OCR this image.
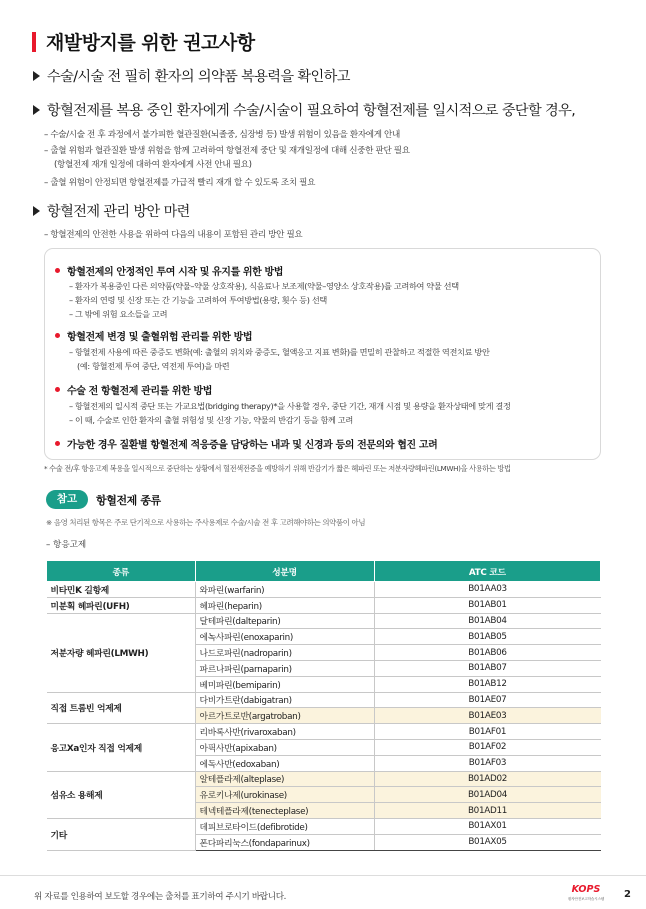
재발방지를 위한 권고사항
수술/시술 전 필히 환자의 의약품 복용력을 확인하고
항혈전제를 복용 중인 환자에게 수술/시술이 필요하여 항혈전제를 일시적으로 중단할 경우,
– 수술/시술 전 후 과정에서 불가피한 혈관질환(뇌졸중, 심장병 등) 발생 위험이 있음을 환자에게 안내
– 출혈 위험과 혈관질환 발생 위험을 함께 고려하여 항혈전제 중단 및 재개일정에 대해 신중한 판단 필요
(항혈전제 재개 일정에 대하여 환자에게 사전 안내 필요)
– 출혈 위험이 안정되면 항혈전제를 가급적 빨리 재개 할 수 있도록 조치 필요
항혈전제 관리 방안 마련
– 항혈전제의 안전한 사용을 위하여 다음의 내용이 포함된 관리 방안 필요
항혈전제의 안정적인 투여 시작 및 유지를 위한 방법
– 환자가 복용중인 다른 의약품(약물–약물 상호작용), 식음료나 보조제(약물–영양소 상호작용)를 고려하여 약물 선택
– 환자의 연령 및 신장 또는 간 기능을 고려하여 투여방법(용량, 횟수 등) 선택
– 그 밖에 위험 요소들을 고려
항혈전제 변경 및 출혈위험 관리를 위한 방법
– 항혈전제 사용에 따른 중증도 변화(예: 출혈의 위치와 중증도, 혈액응고 지표 변화)를 면밀히 관찰하고 적절한 역전치료 방안
(예: 항혈전제 투여 중단, 역전제 투여)을 마련
수술 전 항혈전제 관리를 위한 방법
– 항혈전제의 일시적 중단 또는 가교요법(bridging therapy)*을 사용할 경우, 중단 기간, 재개 시점 및 용량을 환자상태에 맞게 결정
– 이 때, 수술로 인한 환자의 출혈 위험성 및 신장 기능, 약물의 반감기 등을 함께 고려
가능한 경우 질환별 항혈전제 적응증을 담당하는 내과 및 신경과 등의 전문의와 협진 고려
* 수술 전/후 항응고제 복용을 일시적으로 중단하는 상황에서 혈전색전증을 예방하기 위해 반감기가 짧은 헤파린 또는 저분자량헤파린(LMWH)을 사용하는 방법
참고	항혈전제 종류
※ 음영 처리된 항목은 주로 단기적으로 사용하는 주사용제로 수술/시술 전 후 고려해야하는 의약품이 아님
– 항응고제
종류	성분명	ATC 코드
비타민K 길항제	와파린(warfarin)	B01AA03
미분획 헤파린(UFH)	헤파린(heparin)	B01AB01
저분자량 헤파린(LMWH)	달테파린(dalteparin)	B01AB04
	에녹사파린(enoxaparin)	B01AB05
	나드로파린(nadroparin)	B01AB06
	파르나파린(parnaparin)	B01AB07
	베미파린(bemiparin)	B01AB12
직접 트롬빈 억제제	다비가트란(dabigatran)	B01AE07
	아르가트로반(argatroban)	B01AE03
응고Xa인자 직접 억제제	리바록사반(rivaroxaban)	B01AF01
	아픽사반(apixaban)	B01AF02
	에독사반(edoxaban)	B01AF03
섬유소 용해제	알테플라제(alteplase)	B01AD02
	유로키나제(urokinase)	B01AD04
	테넥테플라제(tenecteplase)	B01AD11
기타	데피브로타이드(defibrotide)	B01AX01
	폰다파리눅스(fondaparinux)	B01AX05
위 자료를 인용하여 보도할 경우에는 출처를 표기하여 주시기 바랍니다.
KOPS
환자안전보고학습시스템	2
